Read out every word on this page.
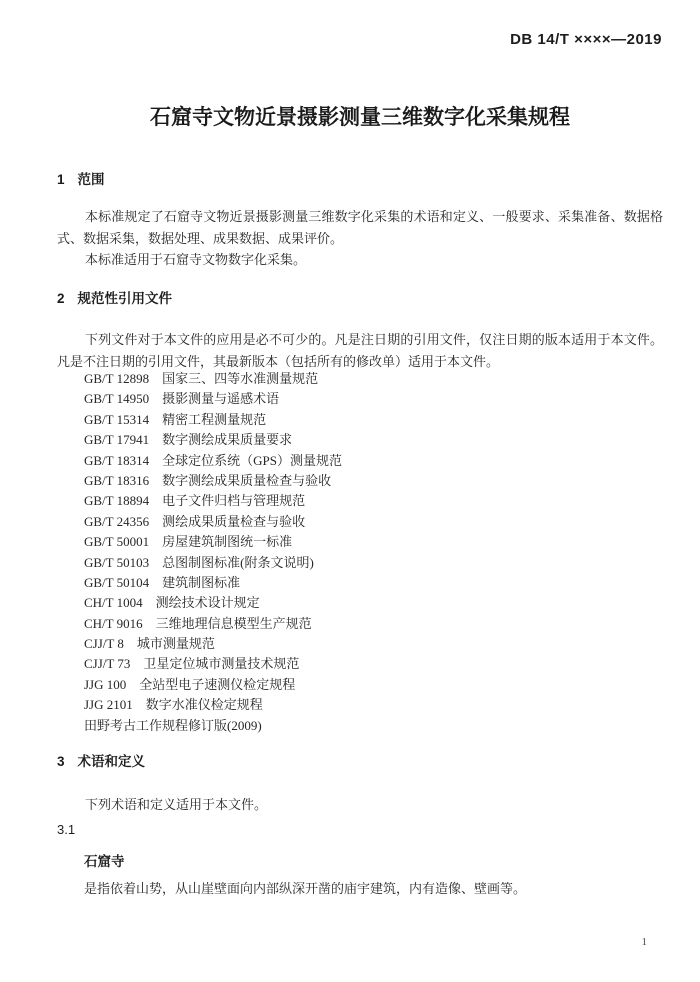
DB 14/T ××××—2019
石窟寺文物近景摄影测量三维数字化采集规程
1 范围

本标准规定了石窟寺文物近景摄影测量三维数字化采集的术语和定义、一般要求、采集准备、数据格式、数据采集，数据处理、成果数据、成果评价。

本标准适用于石窟寺文物数字化采集。

2 规范性引用文件

下列文件对于本文件的应用是必不可少的。凡是注日期的引用文件，仅注日期的版本适用于本文件。凡是不注日期的引用文件，其最新版本（包括所有的修改单）适用于本文件。

GB/T 12898　国家三、四等水准测量规范
GB/T 14950　摄影测量与遥感术语
GB/T 15314　精密工程测量规范
GB/T 17941　数字测绘成果质量要求
GB/T 18314　全球定位系统（GPS）测量规范
GB/T 18316　数字测绘成果质量检查与验收
GB/T 18894　电子文件归档与管理规范
GB/T 24356　测绘成果质量检查与验收
GB/T 50001　房屋建筑制图统一标准
GB/T 50103　总图制图标准(附条文说明)
GB/T 50104　建筑制图标准
CH/T 1004　测绘技术设计规定
CH/T 9016　三维地理信息模型生产规范
CJJ/T 8　城市测量规范
CJJ/T 73　卫星定位城市测量技术规范
JJG 100　全站型电子速测仪检定规程
JJG 2101　数字水准仪检定规程
田野考古工作规程修订版(2009)
3 术语和定义

下列术语和定义适用于本文件。

3.1
石窟寺
是指依着山势，从山崖壁面向内部纵深开凿的庙宇建筑，内有造像、壁画等。
1
